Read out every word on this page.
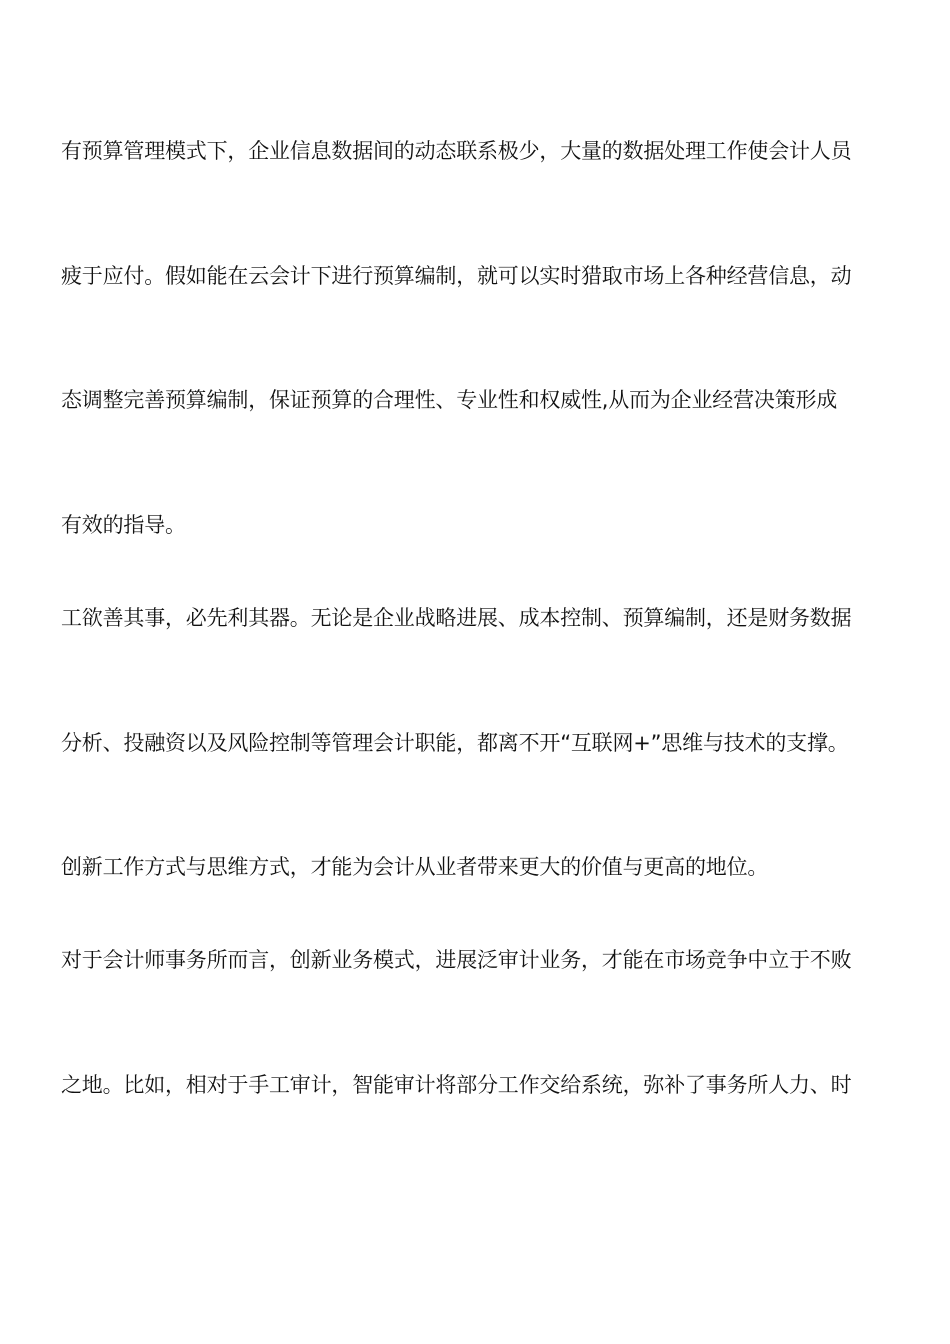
有预算管理模式下，企业信息数据间的动态联系极少，大量的数据处理工作使会计人员
疲于应付。假如能在云会计下进行预算编制，就可以实时猎取市场上各种经营信息，动
态调整完善预算编制，保证预算的合理性、专业性和权威性,从而为企业经营决策形成
有效的指导。
工欲善其事，必先利其器。无论是企业战略进展、成本控制、预算编制，还是财务数据
分析、投融资以及风险控制等管理会计职能，都离不开“互联网+”思维与技术的支撑。
创新工作方式与思维方式，才能为会计从业者带来更大的价值与更高的地位。
对于会计师事务所而言，创新业务模式，进展泛审计业务，才能在市场竞争中立于不败
之地。比如，相对于手工审计，智能审计将部分工作交给系统，弥补了事务所人力、时
